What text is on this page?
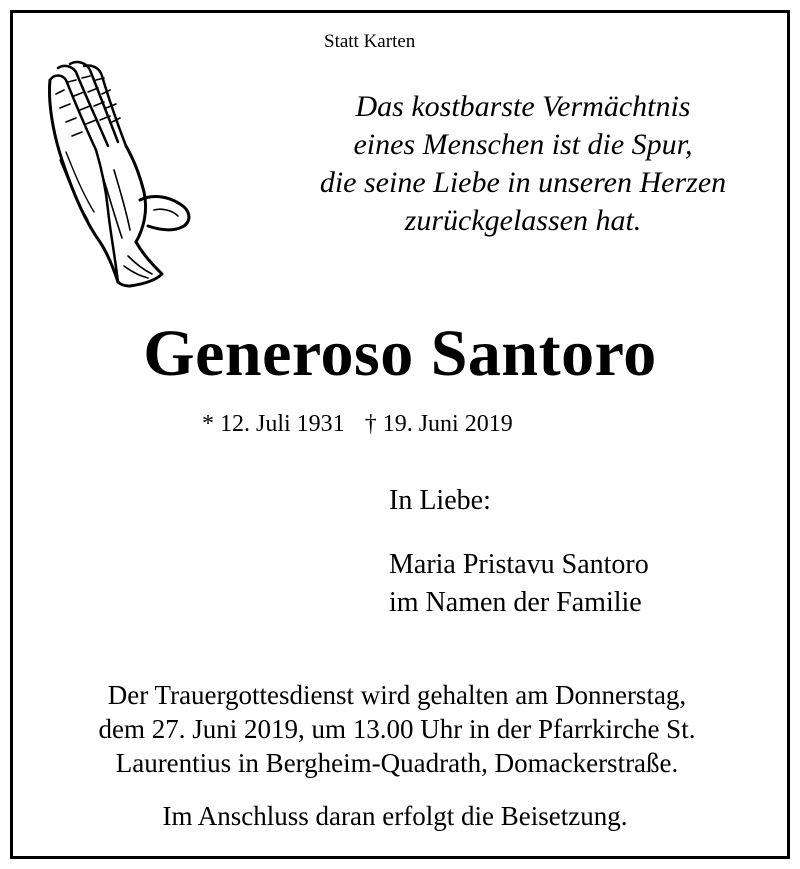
Statt Karten
Das kostbarste Vermächtnis
eines Menschen ist die Spur,
die seine Liebe in unseren Herzen
zurückgelassen hat.
Generoso Santoro
* 12. Juli 1931 † 19. Juni 2019
In Liebe:
Maria Pristavu Santoro
im Namen der Familie
Der Trauergottesdienst wird gehalten am Donnerstag,
dem 27. Juni 2019, um 13.00 Uhr in der Pfarrkirche St.
Laurentius in Bergheim-Quadrath, Domackerstraße.
Im Anschluss daran erfolgt die Beisetzung.
